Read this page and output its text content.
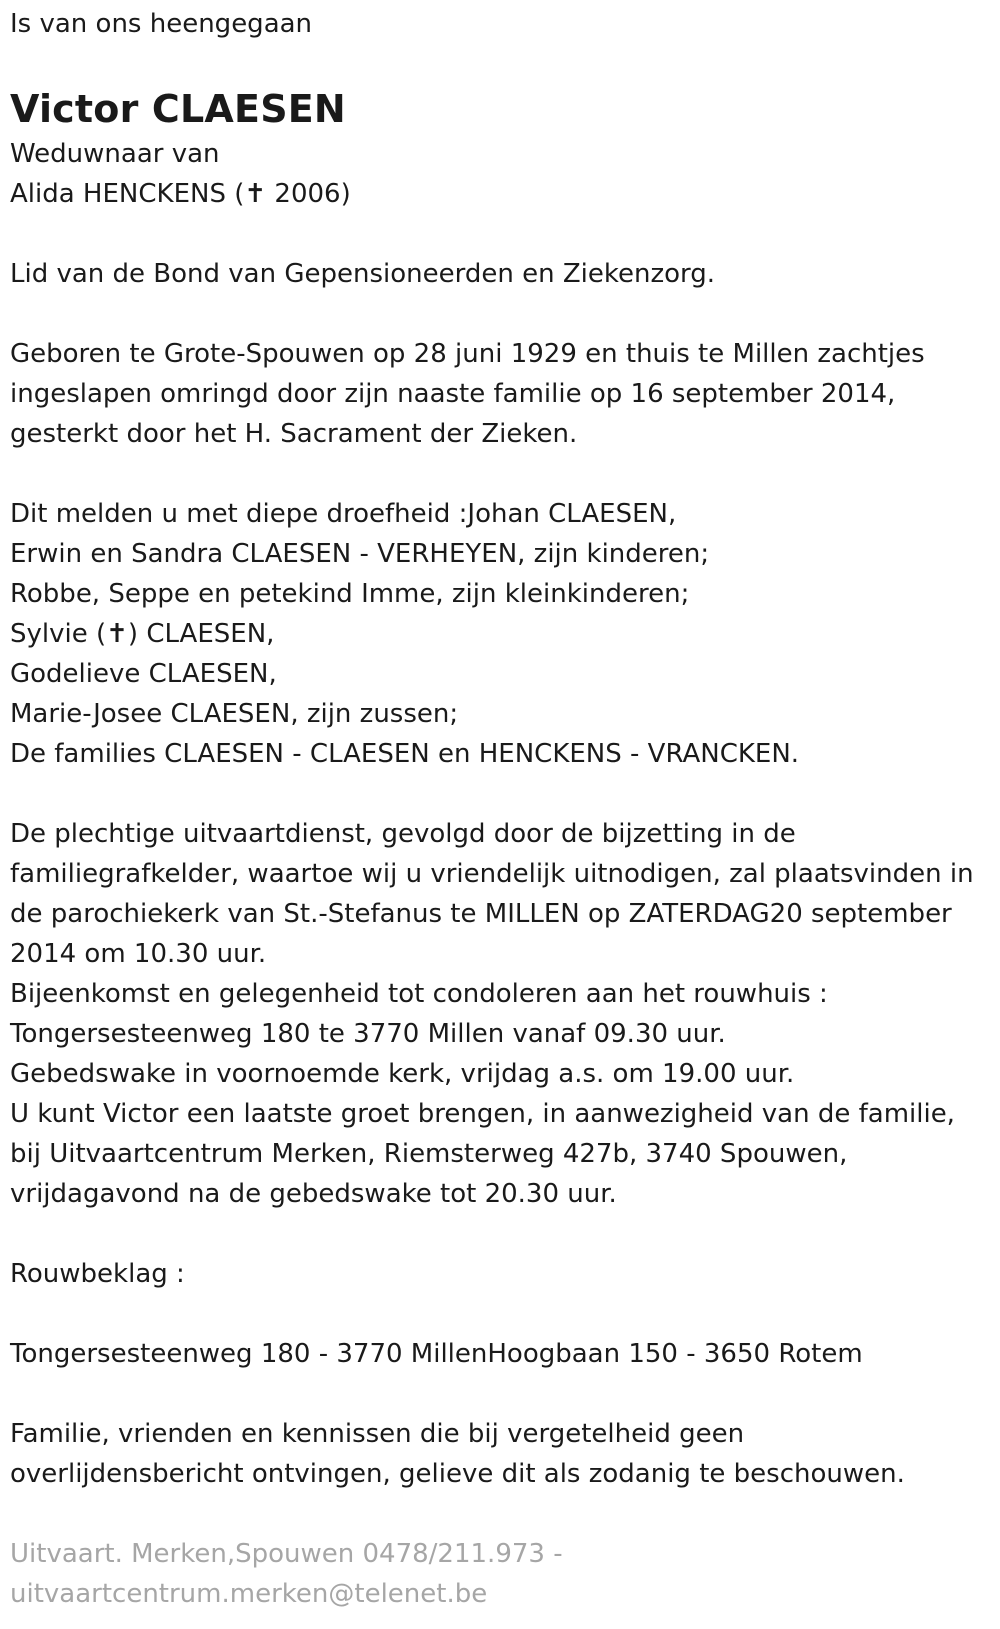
Is van ons heengegaan
Victor CLAESEN
Weduwnaar van
Alida HENCKENS (✝ 2006)
Lid van de Bond van Gepensioneerden en Ziekenzorg.
Geboren te Grote-Spouwen op 28 juni 1929 en thuis te Millen zachtjes
ingeslapen omringd door zijn naaste familie op 16 september 2014,
gesterkt door het H. Sacrament der Zieken.
Dit melden u met diepe droefheid :Johan CLAESEN,
Erwin en Sandra CLAESEN - VERHEYEN, zijn kinderen;
Robbe, Seppe en petekind Imme, zijn kleinkinderen;
Sylvie (✝) CLAESEN,
Godelieve CLAESEN,
Marie-Josee CLAESEN, zijn zussen;
De families CLAESEN - CLAESEN en HENCKENS - VRANCKEN.
De plechtige uitvaartdienst, gevolgd door de bijzetting in de
familiegrafkelder, waartoe wij u vriendelijk uitnodigen, zal plaatsvinden in
de parochiekerk van St.-Stefanus te MILLEN op ZATERDAG20 september
2014 om 10.30 uur.
Bijeenkomst en gelegenheid tot condoleren aan het rouwhuis :
Tongersesteenweg 180 te 3770 Millen vanaf 09.30 uur.
Gebedswake in voornoemde kerk, vrijdag a.s. om 19.00 uur.
U kunt Victor een laatste groet brengen, in aanwezigheid van de familie,
bij Uitvaartcentrum Merken, Riemsterweg 427b, 3740 Spouwen,
vrijdagavond na de gebedswake tot 20.30 uur.
Rouwbeklag :
Tongersesteenweg 180 - 3770 MillenHoogbaan 150 - 3650 Rotem
Familie, vrienden en kennissen die bij vergetelheid geen
overlijdensbericht ontvingen, gelieve dit als zodanig te beschouwen.
Uitvaart. Merken,Spouwen 0478/211.973 -
uitvaartcentrum.merken@telenet.be
